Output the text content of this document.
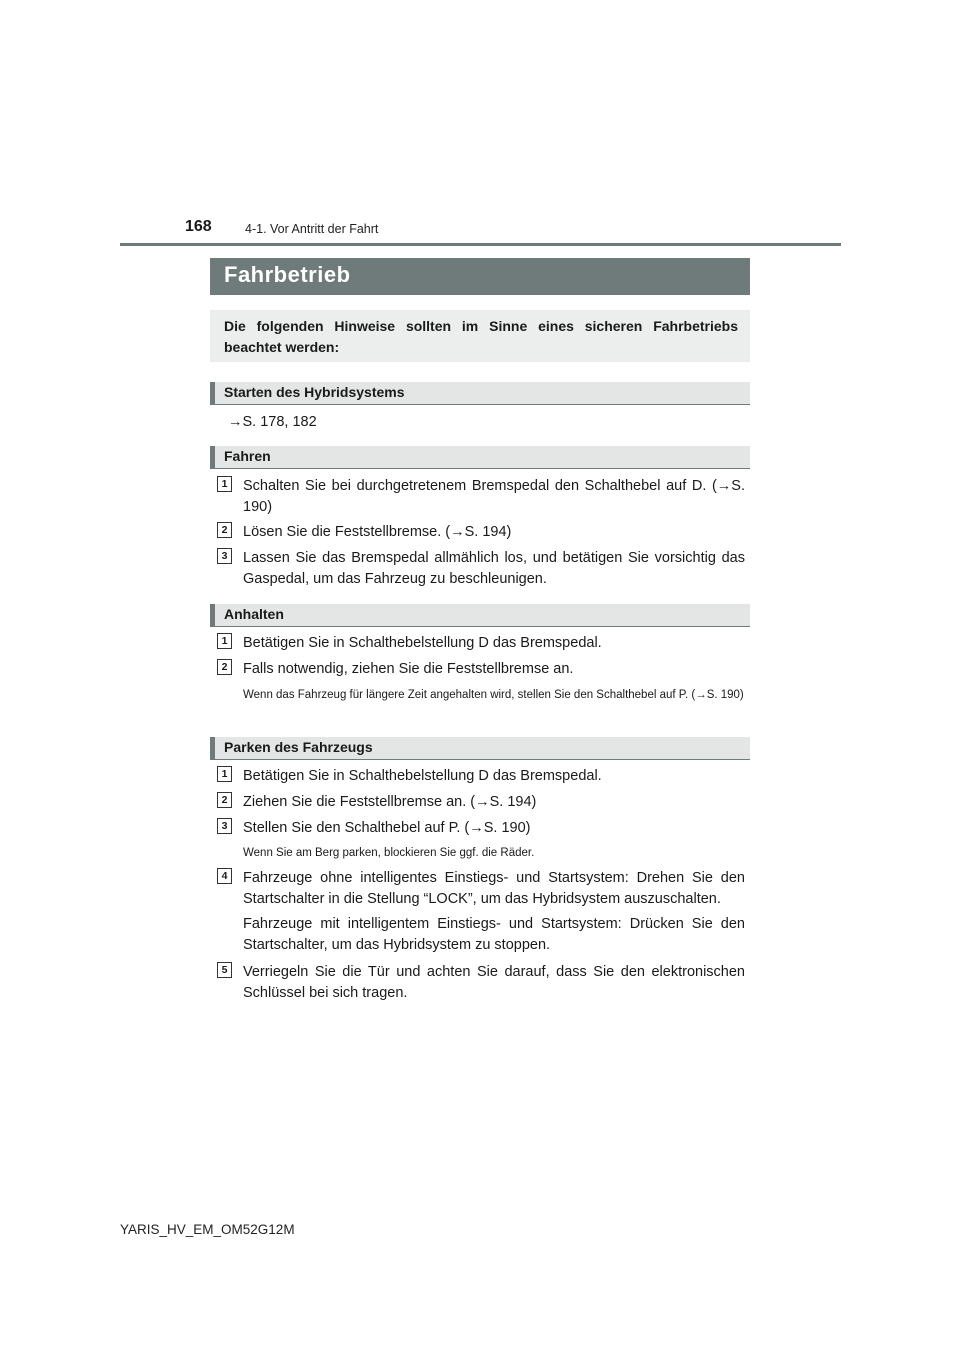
168	4-1. Vor Antritt der Fahrt
Fahrbetrieb

Die folgenden Hinweise sollten im Sinne eines sicheren Fahrbetriebs beachtet werden:

Starten des Hybridsystems
→S. 178, 182
Fahren
1	Schalten Sie bei durchgetretenem Bremspedal den Schalthebel auf D. (→S. 190)
2	Lösen Sie die Feststellbremse. (→S. 194)
3	Lassen Sie das Bremspedal allmählich los, und betätigen Sie vorsichtig das Gaspedal, um das Fahrzeug zu beschleunigen.
Anhalten
1	Betätigen Sie in Schalthebelstellung D das Bremspedal.
2	Falls notwendig, ziehen Sie die Feststellbremse an.
Wenn das Fahrzeug für längere Zeit angehalten wird, stellen Sie den Schalthebel auf P. (→S. 190)
Parken des Fahrzeugs
1	Betätigen Sie in Schalthebelstellung D das Bremspedal.
2	Ziehen Sie die Feststellbremse an. (→S. 194)
3	Stellen Sie den Schalthebel auf P. (→S. 190)
Wenn Sie am Berg parken, blockieren Sie ggf. die Räder.
4	Fahrzeuge ohne intelligentes Einstiegs- und Startsystem: Drehen Sie den Startschalter in die Stellung “LOCK”, um das Hybridsystem auszuschalten.
Fahrzeuge mit intelligentem Einstiegs- und Startsystem: Drücken Sie den Startschalter, um das Hybridsystem zu stoppen.
5	Verriegeln Sie die Tür und achten Sie darauf, dass Sie den elektronischen Schlüssel bei sich tragen.
YARIS_HV_EM_OM52G12M
